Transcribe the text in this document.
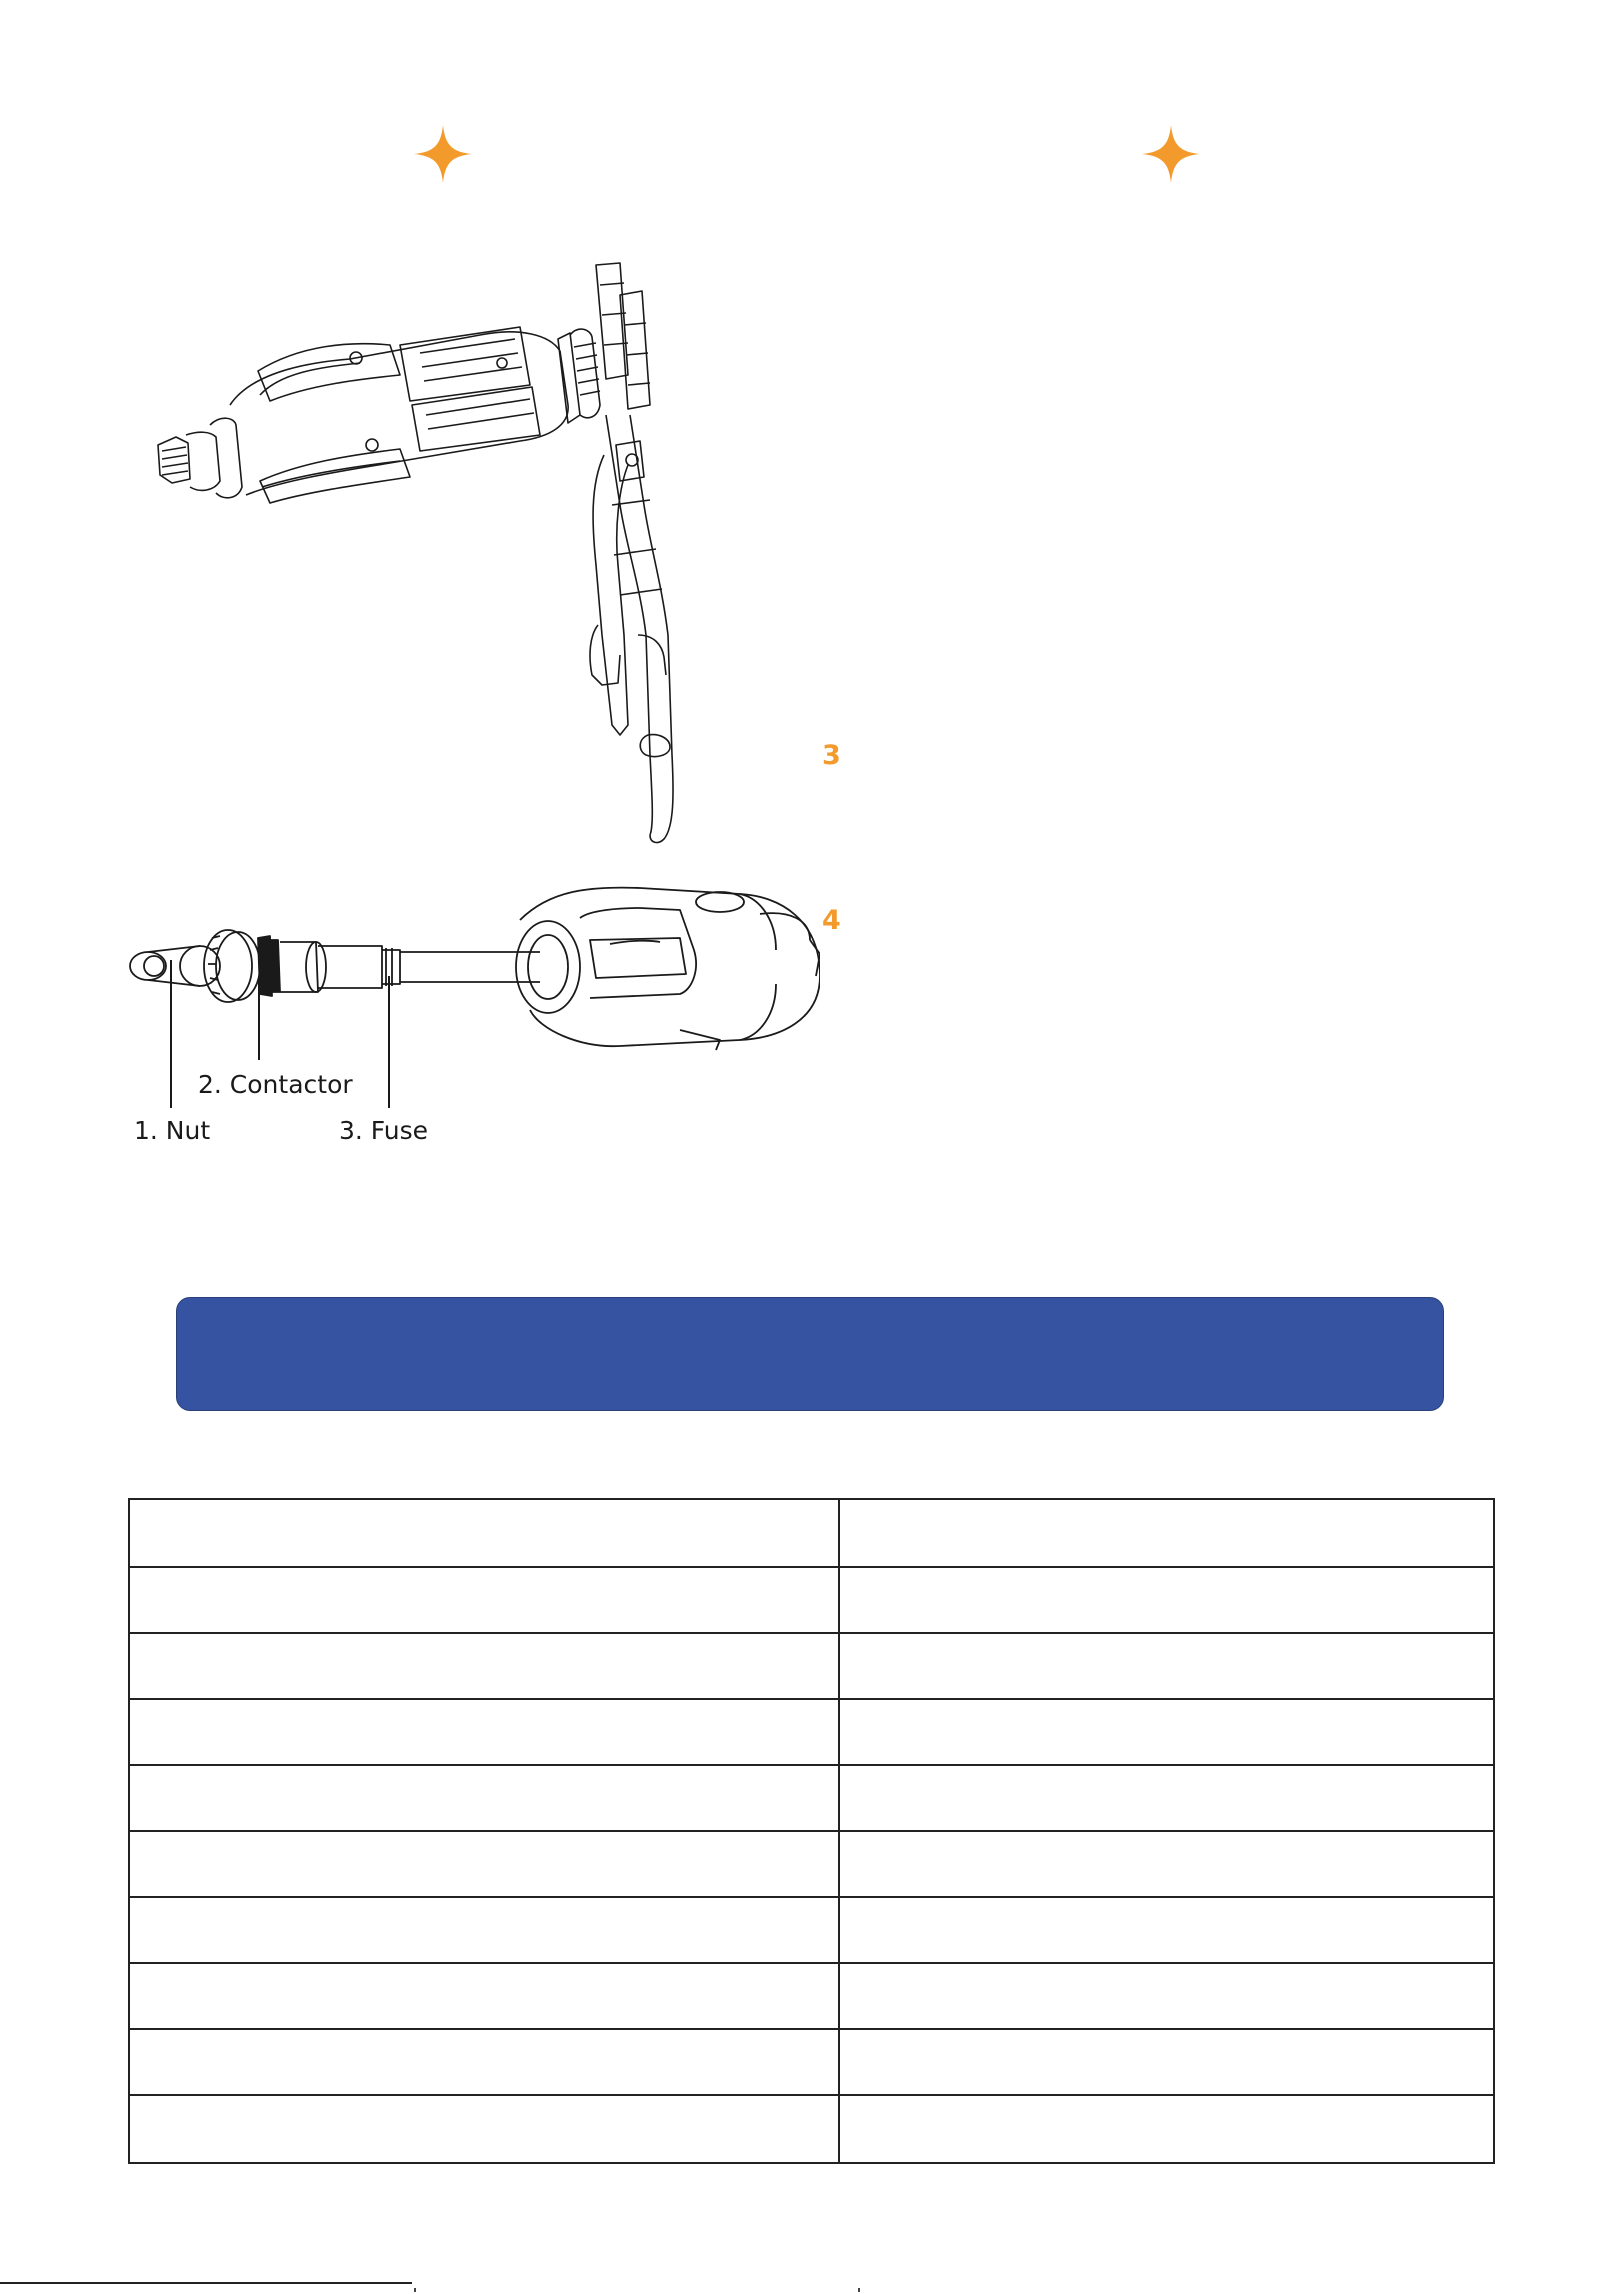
3
4
2. Contactor
1. Nut	3. Fuse
